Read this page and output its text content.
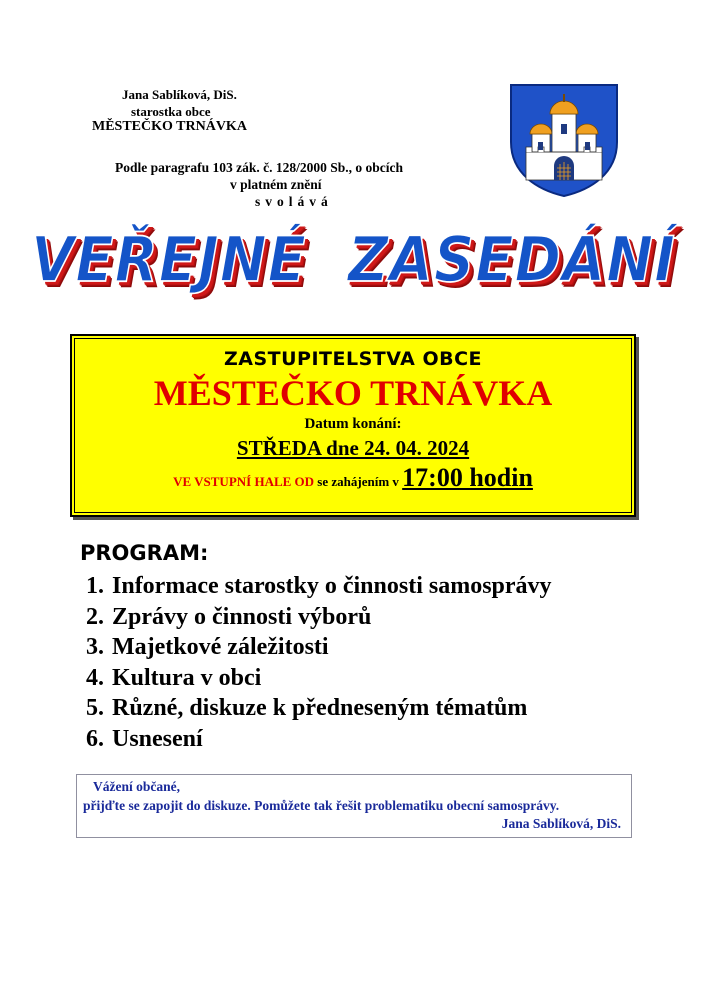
Jana Sablíková, DiS.
starostka obce
MĚSTEČKO TRNÁVKA
Podle paragrafu 103 zák. č. 128/2000 Sb., o obcích
v platném znění
svolává
VEŘEJNÉ  ZASEDÁNÍ
ZASTUPITELSTVA OBCE
MĚSTEČKO TRNÁVKA
Datum konání:
STŘEDA dne 24. 04. 2024
VE VSTUPNÍ HALE OD se zahájením v 17:00 hodin
PROGRAM:
1. Informace starostky o činnosti samosprávy
2. Zprávy o činnosti výborů
3. Majetkové záležitosti
4. Kultura v obci
5. Různé, diskuze k předneseným tématům
6. Usnesení
Vážení občané,
přijďte se zapojit do diskuze. Pomůžete tak řešit problematiku obecní samosprávy.
Jana Sablíková, DiS.
